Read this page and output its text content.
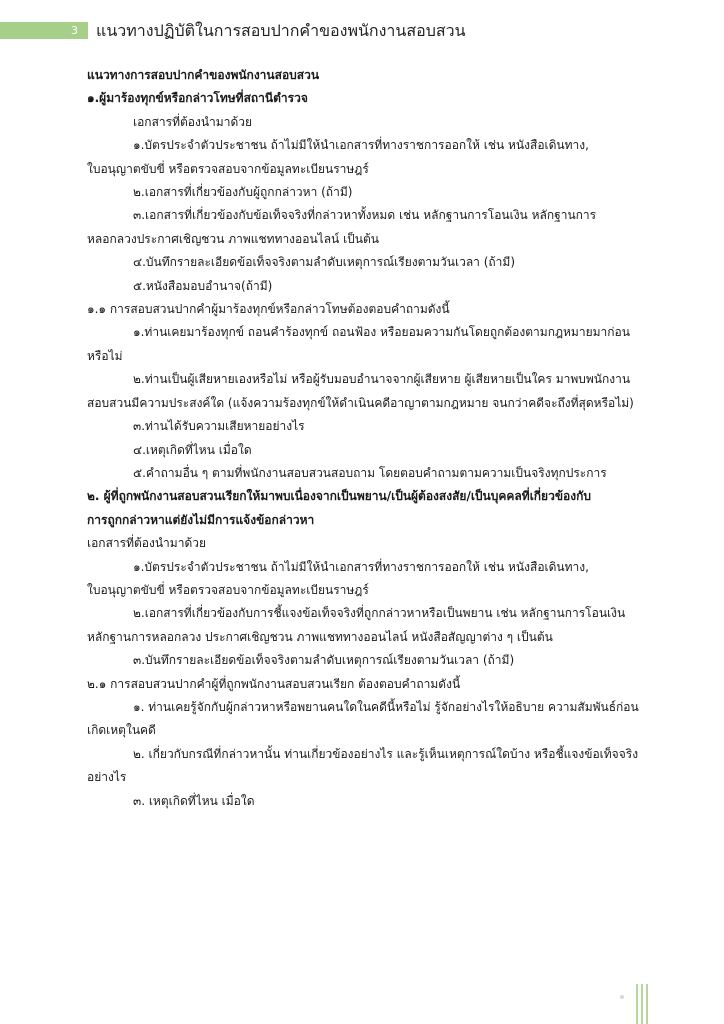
3	แนวทางปฏิบัติในการสอบปากคำของพนักงานสอบสวน

แนวทางการสอบปากคำของพนักงานสอบสวน

๑.ผู้มาร้องทุกข์หรือกล่าวโทษที่สถานีตำรวจ

เอกสารที่ต้องนำมาด้วย

๑.บัตรประจำตัวประชาชน ถ้าไม่มีให้นำเอกสารที่ทางราชการออกให้ เช่น หนังสือเดินทาง,

ใบอนุญาตขับขี่ หรือตรวจสอบจากข้อมูลทะเบียนราษฎร์

๒.เอกสารที่เกี่ยวข้องกับผู้ถูกกล่าวหา (ถ้ามี)

๓.เอกสารที่เกี่ยวข้องกับข้อเท็จจริงที่กล่าวหาทั้งหมด เช่น หลักฐานการโอนเงิน หลักฐานการ

หลอกลวงประกาศเชิญชวน ภาพแชททางออนไลน์ เป็นต้น

๔.บันทึกรายละเอียดข้อเท็จจริงตามลำดับเหตุการณ์เรียงตามวันเวลา (ถ้ามี)

๕.หนังสือมอบอำนาจ(ถ้ามี)

๑.๑ การสอบสวนปากคำผู้มาร้องทุกข์หรือกล่าวโทษต้องตอบคำถามดังนี้

๑.ท่านเคยมาร้องทุกข์ ถอนคำร้องทุกข์ ถอนฟ้อง หรือยอมความกันโดยถูกต้องตามกฎหมายมาก่อน

หรือไม่

๒.ท่านเป็นผู้เสียหายเองหรือไม่ หรือผู้รับมอบอำนาจจากผู้เสียหาย ผู้เสียหายเป็นใคร มาพบพนักงาน

สอบสวนมีความประสงค์ใด (แจ้งความร้องทุกข์ให้ดำเนินคดีอาญาตามกฎหมาย จนกว่าคดีจะถึงที่สุดหรือไม่)

๓.ท่านได้รับความเสียหายอย่างไร

๔.เหตุเกิดที่ไหน เมื่อใด

๕.คำถามอื่น ๆ ตามที่พนักงานสอบสวนสอบถาม โดยตอบคำถามตามความเป็นจริงทุกประการ

๒. ผู้ที่ถูกพนักงานสอบสวนเรียกให้มาพบเนื่องจากเป็นพยาน/เป็นผู้ต้องสงสัย/เป็นบุคคลที่เกี่ยวข้องกับ

การถูกกล่าวหาแต่ยังไม่มีการแจ้งข้อกล่าวหา

เอกสารที่ต้องนำมาด้วย

๑.บัตรประจำตัวประชาชน ถ้าไม่มีให้นำเอกสารที่ทางราชการออกให้ เช่น หนังสือเดินทาง,

ใบอนุญาตขับขี่ หรือตรวจสอบจากข้อมูลทะเบียนราษฎร์

๒.เอกสารที่เกี่ยวข้องกับการชี้แจงข้อเท็จจริงที่ถูกกล่าวหาหรือเป็นพยาน เช่น หลักฐานการโอนเงิน

หลักฐานการหลอกลวง ประกาศเชิญชวน ภาพแชททางออนไลน์ หนังสือสัญญาต่าง ๆ เป็นต้น

๓.บันทึกรายละเอียดข้อเท็จจริงตามลำดับเหตุการณ์เรียงตามวันเวลา (ถ้ามี)

๒.๑ การสอบสวนปากคำผู้ที่ถูกพนักงานสอบสวนเรียก ต้องตอบคำถามดังนี้

๑. ท่านเคยรู้จักกับผู้กล่าวหาหรือพยานคนใดในคดีนี้หรือไม่ รู้จักอย่างไรให้อธิบาย ความสัมพันธ์ก่อน

เกิดเหตุในคดี

๒. เกี่ยวกับกรณีที่กล่าวหานั้น ท่านเกี่ยวข้องอย่างไร และรู้เห็นเหตุการณ์ใดบ้าง หรือชี้แจงข้อเท็จจริง

อย่างไร

๓. เหตุเกิดที่ไหน เมื่อใด
